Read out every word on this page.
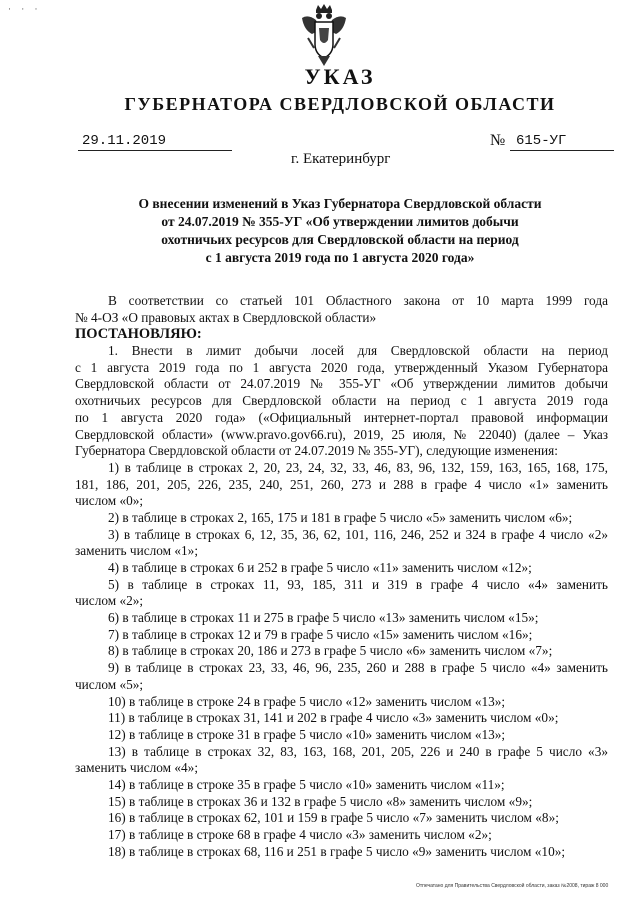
· · ·
УКАЗ
ГУБЕРНАТОРА СВЕРДЛОВСКОЙ ОБЛАСТИ
29.11.2019	№ 615-УГ
г. Екатеринбург
О внесении изменений в Указ Губернатора Свердловской области
от 24.07.2019 № 355-УГ «Об утверждении лимитов добычи
охотничьих ресурсов для Свердловской области на период
с 1 августа 2019 года по 1 августа 2020 года»
В соответствии со статьей 101 Областного закона от 10 марта 1999 года
№ 4-ОЗ «О правовых актах в Свердловской области»
ПОСТАНОВЛЯЮ:
1. Внести в лимит добычи лосей для Свердловской области на период
с 1 августа 2019 года по 1 августа 2020 года, утвержденный Указом Губернатора
Свердловской области от 24.07.2019 № 355-УГ «Об утверждении лимитов добычи
охотничьих ресурсов для Свердловской области на период с 1 августа 2019 года
по 1 августа 2020 года» («Официальный интернет-портал правовой информации
Свердловской области» (www.pravo.gov66.ru), 2019, 25 июля, № 22040) (далее – Указ
Губернатора Свердловской области от 24.07.2019 № 355-УГ), следующие изменения:
1) в таблице в строках 2, 20, 23, 24, 32, 33, 46, 83, 96, 132, 159, 163, 165, 168, 175,
181, 186, 201, 205, 226, 235, 240, 251, 260, 273 и 288 в графе 4 число «1» заменить
числом «0»;
2) в таблице в строках 2, 165, 175 и 181 в графе 5 число «5» заменить числом «6»;
3) в таблице в строках 6, 12, 35, 36, 62, 101, 116, 246, 252 и 324 в графе 4 число «2»
заменить числом «1»;
4) в таблице в строках 6 и 252 в графе 5 число «11» заменить числом «12»;
5) в таблице в строках 11, 93, 185, 311 и 319 в графе 4 число «4» заменить
числом «2»;
6) в таблице в строках 11 и 275 в графе 5 число «13» заменить числом «15»;
7) в таблице в строках 12 и 79 в графе 5 число «15» заменить числом «16»;
8) в таблице в строках 20, 186 и 273 в графе 5 число «6» заменить числом «7»;
9) в таблице в строках 23, 33, 46, 96, 235, 260 и 288 в графе 5 число «4» заменить
числом «5»;
10) в таблице в строке 24 в графе 5 число «12» заменить числом «13»;
11) в таблице в строках 31, 141 и 202 в графе 4 число «3» заменить числом «0»;
12) в таблице в строке 31 в графе 5 число «10» заменить числом «13»;
13) в таблице в строках 32, 83, 163, 168, 201, 205, 226 и 240 в графе 5 число «3»
заменить числом «4»;
14) в таблице в строке 35 в графе 5 число «10» заменить числом «11»;
15) в таблице в строках 36 и 132 в графе 5 число «8» заменить числом «9»;
16) в таблице в строках 62, 101 и 159 в графе 5 число «7» заменить числом «8»;
17) в таблице в строке 68 в графе 4 число «3» заменить числом «2»;
18) в таблице в строках 68, 116 и 251 в графе 5 число «9» заменить числом «10»;
Отпечатано для Правительства Свердловской области, заказ №2008, тираж 8 000
